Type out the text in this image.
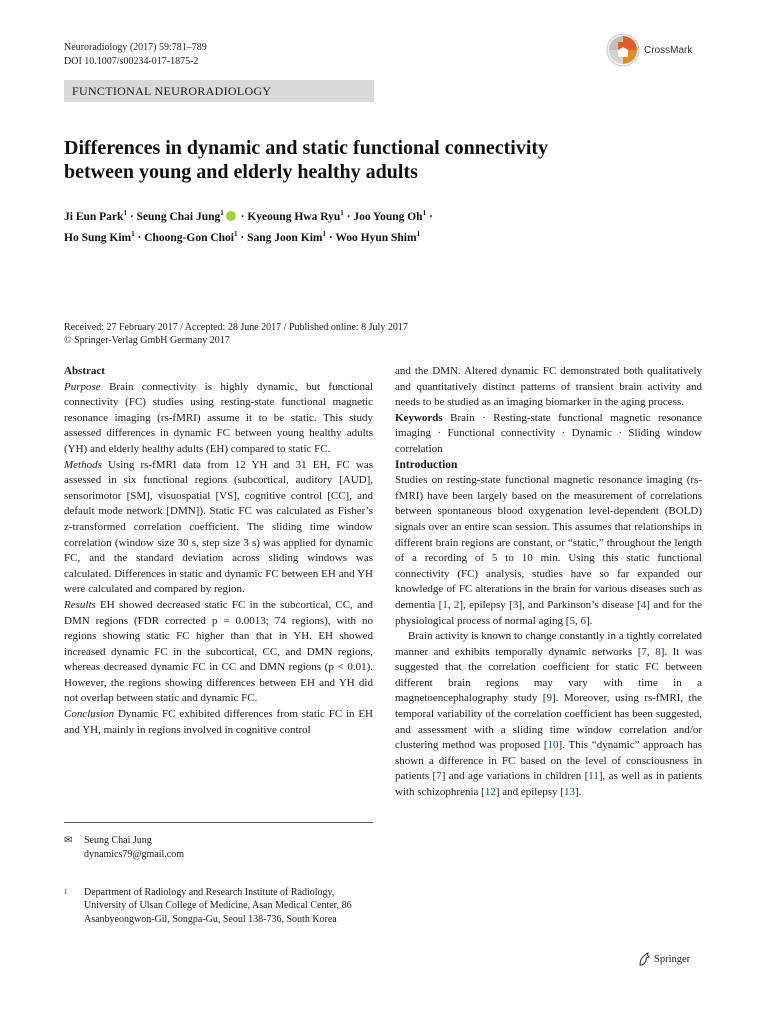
Neuroradiology (2017) 59:781–789
DOI 10.1007/s00234-017-1875-2
CrossMark
FUNCTIONAL NEURORADIOLOGY
Differences in dynamic and static functional connectivity
between young and elderly healthy adults
Ji Eun Park$^1$ · Seung Chai Jung$^1$ · Kyeoung Hwa Ryu$^1$ · Joo Young $Oh^1$ ·
Ho Sung Kim$^1$ · Choong-Gon Choi$^1$ · Sang Joon Kim$^1$ · Woo Hyun Shim$^1$
Received: 27 February 2017 / Accepted: 28 June 2017 / Published online: 8 July 2017
© Springer-Verlag GmbH Germany 2017

Abstract

Purpose Brain connectivity is highly dynamic, but functional connectivity (FC) studies using resting-state functional magnetic resonance imaging (rs-fMRI) assume it to be static. This study assessed differences in dynamic FC between young healthy adults (YH) and elderly healthy adults (EH) compared to static FC.

Methods Using rs-fMRI data from 12 YH and 31 EH, FC was assessed in six functional regions (subcortical, auditory [AUD], sensorimotor [SM], visuospatial [VS], cognitive control [CC], and default mode network [DMN]). Static FC was calculated as Fisher’s z-transformed correlation coefficient. The sliding time window correlation (window size 30 s, step size 3 s) was applied for dynamic FC, and the standard deviation across sliding windows was calculated. Differences in static and dynamic FC between EH and YH were calculated and compared by region.

Results EH showed decreased static FC in the subcortical, CC, and DMN regions (FDR corrected p = 0.0013; 74 regions), with no regions showing static FC higher than that in YH. EH showed increased dynamic FC in the subcortical, CC, and DMN regions, whereas decreased dynamic FC in CC and DMN regions (p < 0.01). However, the regions showing differences between EH and YH did not overlap between static and dynamic FC.

Conclusion Dynamic FC exhibited differences from static FC in EH and YH, mainly in regions involved in cognitive control

✉ Seung Chai Jung
dynamics79@gmail.com
1 Department of Radiology and Research Institute of Radiology, University of Ulsan College of Medicine, Asan Medical Center, 86 Asanbyeongwon-Gil, Songpa-Gu, Seoul 138-736, South Korea

and the DMN. Altered dynamic FC demonstrated both qualitatively and quantitatively distinct patterns of transient brain activity and needs to be studied as an imaging biomarker in the aging process.

Keywords Brain · Resting-state functional magnetic resonance imaging · Functional connectivity · Dynamic · Sliding window correlation

Introduction

Studies on resting-state functional magnetic resonance imaging (rs-fMRI) have been largely based on the measurement of correlations between spontaneous blood oxygenation level-dependent (BOLD) signals over an entire scan session. This assumes that relationships in different brain regions are constant, or “static,” throughout the length of a recording of 5 to 10 min. Using this static functional connectivity (FC) analysis, studies have so far expanded our knowledge of FC alterations in the brain for various diseases such as dementia [1, 2], epilepsy [3], and Parkinson’s disease [4] and for the physiological process of normal aging [5, 6].

Brain activity is known to change constantly in a tightly correlated manner and exhibits temporally dynamic networks [7, 8]. It was suggested that the correlation coefficient for static FC between different brain regions may vary with time in a magnetoencephalography study [9]. Moreover, using rs-fMRI, the temporal variability of the correlation coefficient has been suggested, and assessment with a sliding time window correlation and/or clustering method was proposed [10]. This “dynamic” approach has shown a difference in FC based on the level of consciousness in patients [7] and age variations in children [11], as well as in patients with schizophrenia [12] and epilepsy [13].

Springer
